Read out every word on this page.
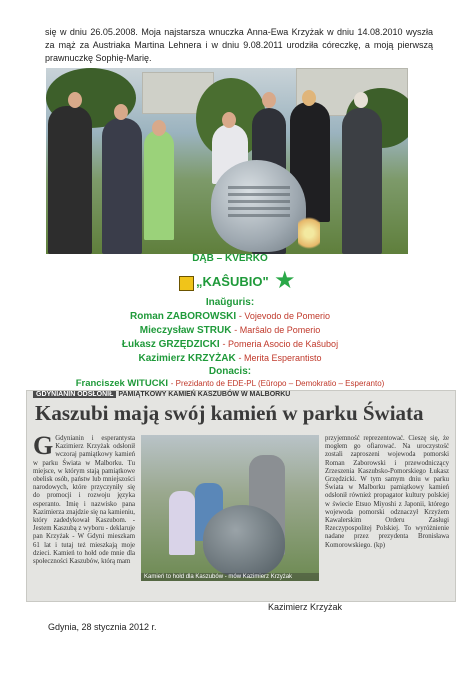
się w dniu 26.05.2008. Moja najstarsza wnuczka Anna-Ewa Krzyżak w dniu 14.08.2010 wyszła za mąż za Austriaka Martina Lehnera i w dniu 9.08.2011 urodziła córeczkę, a moją pierwszą prawnuczkę Sophię-Marię.
DĄB – KVERKO
„KAŜUBIO" ★
Inaŭguris:
Roman ZABOROWSKI - Vojevodo de Pomerio
Mieczysław STRUK - Marŝalo de Pomerio
Łukasz GRZĘDZICKI - Pomeria Asocio de Kaŝuboj
Kazimierz KRZYŻAK - Merita Esperantisto
Donacis:
Franciszek WITUCKI - Prezidanto de EDE-PL (Eŭropo – Demokratio – Esperanto)
GDYNIANIN ODSŁONIŁ PAMIĄTKOWY KAMIEŃ KASZUBÓW W MALBORKU
Kaszubi mają swój kamień w parku Świata
G Gdynianin i esperantysta Kazimierz Krzyżak odsłonił wczoraj pamiątkowy kamień w parku Świata w Malborku. Tu miejsce, w którym stają pamiątkowe obelisk osób, państw lub mniejszości narodowych, które przyczyniły się do promocji i rozwoju języka esperanto. Imię i nazwisko pana Kazimierza znajdzie się na kamieniu, który zadedykował Kaszubom. - Jestem Kaszubą z wyboru - deklaruje pan Krzyżak - W Gdyni mieszkam 61 lat i tutaj też mieszkają moje dzieci. Kamień to hołd ode mnie dla społeczności Kaszubów, którą mam
Kamień to hołd dla Kaszubów - mów Kazimierz Krzyżak
przyjemność reprezentować. Cieszę się, że mogłem go ofiarować. Na uroczystość zostali zaproszeni wojewoda pomorski Roman Zaborowski i przewodniczący Zrzeszenia Kaszubsko-Pomorskiego Łukasz Grzędzicki. W tym samym dniu w parku Świata w Malborku pamiątkowy kamień odsłonił również propagator kultury polskiej w świecie Etsuo Miyoshi z Japonii, którego wojewoda pomorski odznaczył Krzyżem Kawalerskim Orderu Zasługi Rzeczypospolitej Polskiej. To wyróżnienie nadane przez prezydenta Bronisława Komorowskiego. (kp)
Kazimierz Krzyżak
Gdynia, 28 stycznia 2012 r.
